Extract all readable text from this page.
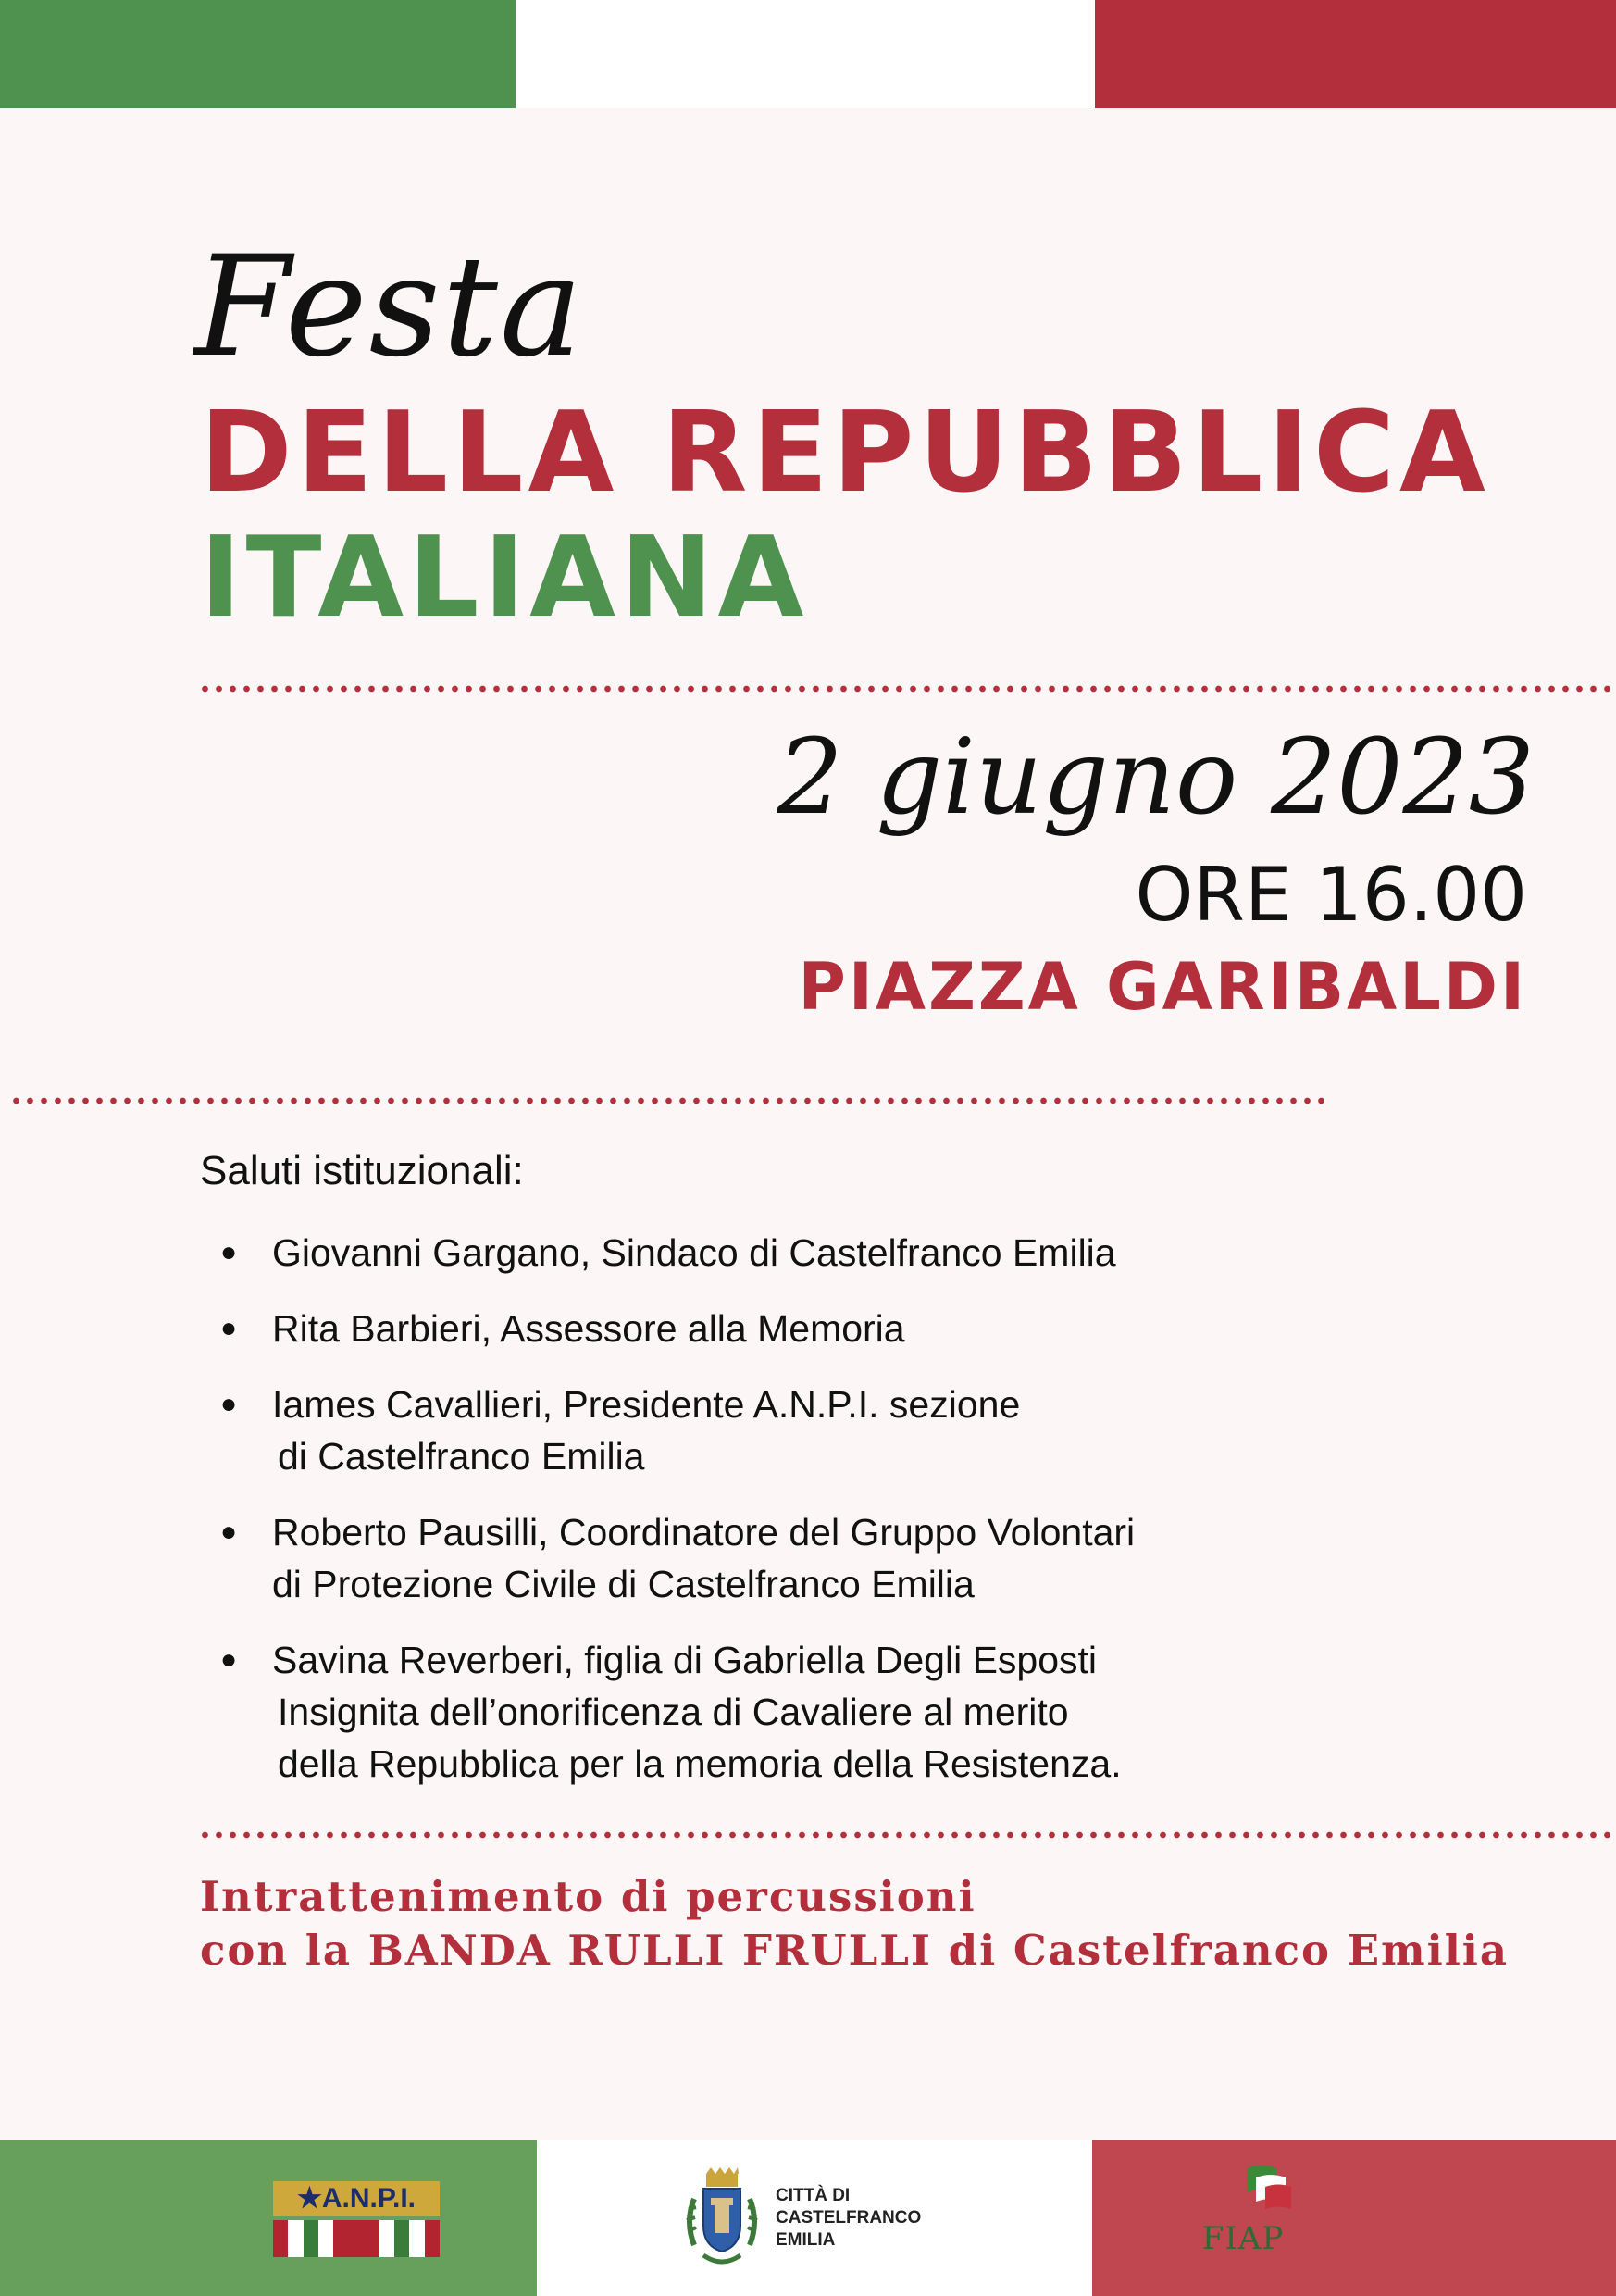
Festa
DELLA REPUBBLICA
ITALIANA
2 giugno 2023
ORE 16.00
PIAZZA GARIBALDI
Saluti istituzionali:
● Giovanni Gargano, Sindaco di Castelfranco Emilia
● Rita Barbieri, Assessore alla Memoria
● Iames Cavallieri, Presidente A.N.P.I. sezione
di Castelfranco Emilia
● Roberto Pausilli, Coordinatore del Gruppo Volontari
di Protezione Civile di Castelfranco Emilia
● Savina Reverberi, figlia di Gabriella Degli Esposti
Insignita dell’onorificenza di Cavaliere al merito
della Repubblica per la memoria della Resistenza.
Intrattenimento di percussioni
con la BANDA RULLI FRULLI di Castelfranco Emilia
★A.N.P.I.	CITTÀ DI
CASTELFRANCO
EMILIA	FIAP
